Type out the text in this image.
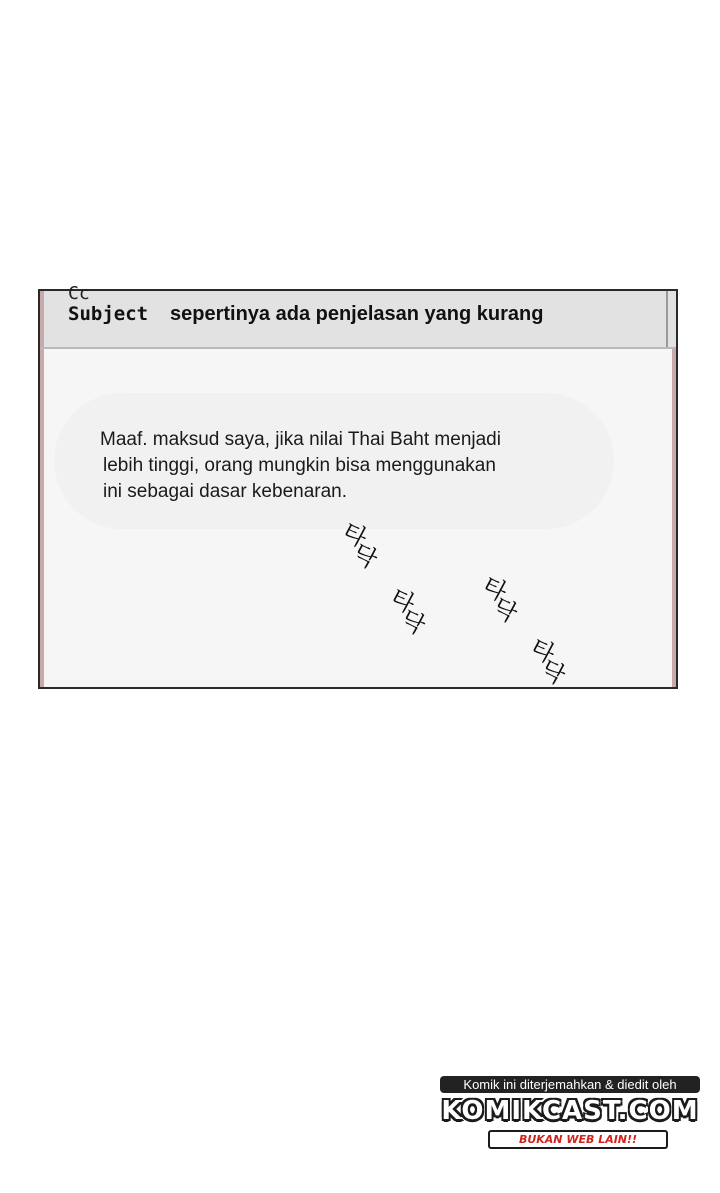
Cc
Subject sepertinya ada penjelasan yang kurang
Maaf. maksud saya, jika nilai Thai Baht menjadi
lebih tinggi, orang mungkin bisa menggunakan
ini sebagai dasar kebenaran.
타닥
타닥
타닥
타닥
Komik ini diterjemahkan & diedit oleh
KOMIKCAST.COM
BUKAN WEB LAIN!!
